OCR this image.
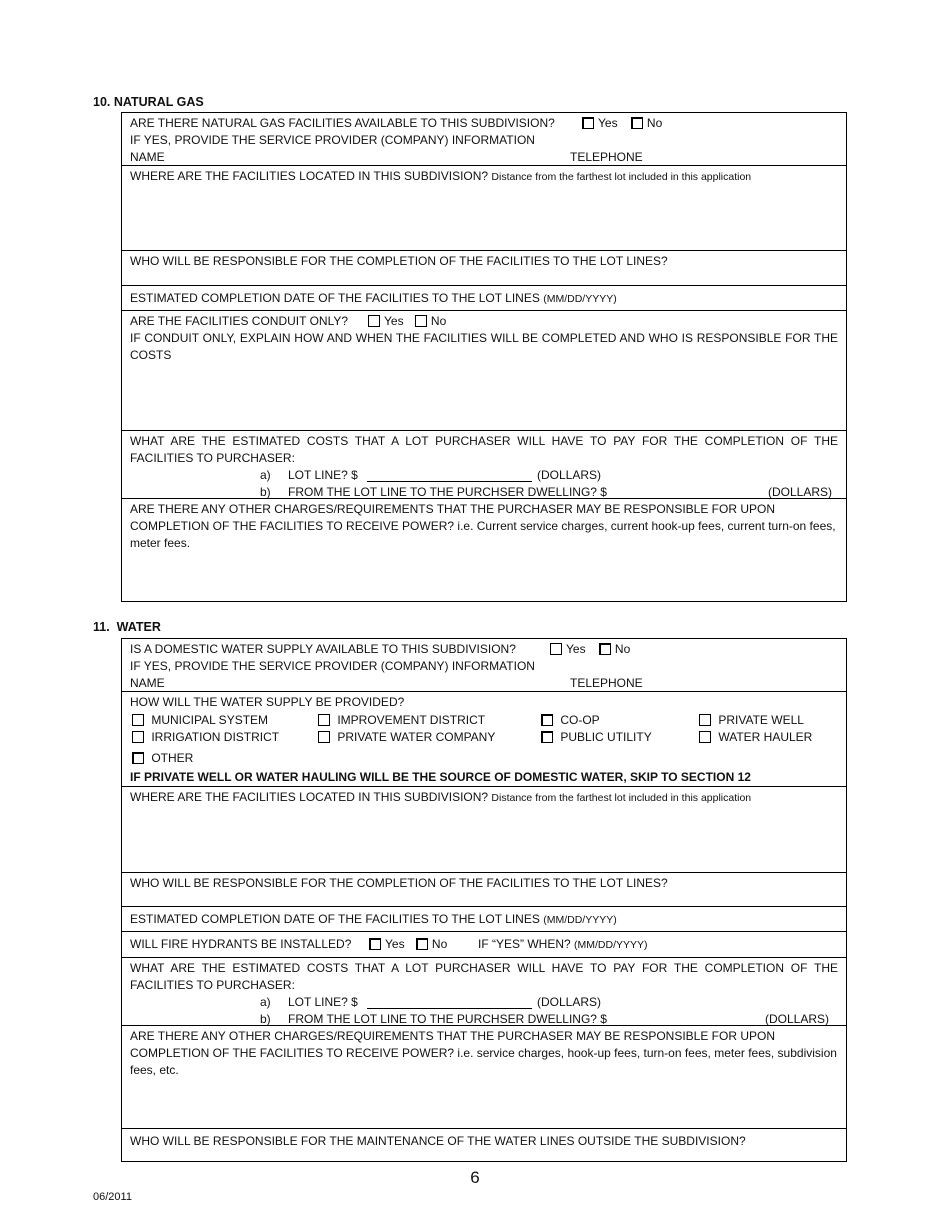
10. NATURAL GAS
ARE THERE NATURAL GAS FACILITIES AVAILABLE TO THIS SUBDIVISION?	Yes No
IF YES, PROVIDE THE SERVICE PROVIDER (COMPANY) INFORMATION
NAME	TELEPHONE
WHERE ARE THE FACILITIES LOCATED IN THIS SUBDIVISION? Distance from the farthest lot included in this application
WHO WILL BE RESPONSIBLE FOR THE COMPLETION OF THE FACILITIES TO THE LOT LINES?
ESTIMATED COMPLETION DATE OF THE FACILITIES TO THE LOT LINES (MM/DD/YYYY)
ARE THE FACILITIES CONDUIT ONLY?	Yes No
IF CONDUIT ONLY, EXPLAIN HOW AND WHEN THE FACILITIES WILL BE COMPLETED AND WHO IS RESPONSIBLE FOR THE COSTS
WHAT ARE THE ESTIMATED COSTS THAT A LOT PURCHASER WILL HAVE TO PAY FOR THE COMPLETION OF THE FACILITIES TO PURCHASER:
a) LOT LINE? $	(DOLLARS)
b) FROM THE LOT LINE TO THE PURCHSER DWELLING? $	(DOLLARS)
ARE THERE ANY OTHER CHARGES/REQUIREMENTS THAT THE PURCHASER MAY BE RESPONSIBLE FOR UPON COMPLETION OF THE FACILITIES TO RECEIVE POWER? i.e. Current service charges, current hook-up fees, current turn-on fees, meter fees.
11. WATER
IS A DOMESTIC WATER SUPPLY AVAILABLE TO THIS SUBDIVISION?	Yes No
IF YES, PROVIDE THE SERVICE PROVIDER (COMPANY) INFORMATION
NAME	TELEPHONE
HOW WILL THE WATER SUPPLY BE PROVIDED?
MUNICIPAL SYSTEM	IMPROVEMENT DISTRICT	CO-OP	PRIVATE WELL
IRRIGATION DISTRICT	PRIVATE WATER COMPANY	PUBLIC UTILITY	WATER HAULER
OTHER
IF PRIVATE WELL OR WATER HAULING WILL BE THE SOURCE OF DOMESTIC WATER, SKIP TO SECTION 12
WHERE ARE THE FACILITIES LOCATED IN THIS SUBDIVISION? Distance from the farthest lot included in this application
WHO WILL BE RESPONSIBLE FOR THE COMPLETION OF THE FACILITIES TO THE LOT LINES?
ESTIMATED COMPLETION DATE OF THE FACILITIES TO THE LOT LINES (MM/DD/YYYY)
WILL FIRE HYDRANTS BE INSTALLED?	Yes No	IF “YES” WHEN? (MM/DD/YYYY)
WHAT ARE THE ESTIMATED COSTS THAT A LOT PURCHASER WILL HAVE TO PAY FOR THE COMPLETION OF THE FACILITIES TO PURCHASER:
a) LOT LINE? $	(DOLLARS)
b) FROM THE LOT LINE TO THE PURCHSER DWELLING? $	(DOLLARS)
ARE THERE ANY OTHER CHARGES/REQUIREMENTS THAT THE PURCHASER MAY BE RESPONSIBLE FOR UPON COMPLETION OF THE FACILITIES TO RECEIVE POWER? i.e. service charges, hook-up fees, turn-on fees, meter fees, subdivision fees, etc.
WHO WILL BE RESPONSIBLE FOR THE MAINTENANCE OF THE WATER LINES OUTSIDE THE SUBDIVISION?
6
06/2011
